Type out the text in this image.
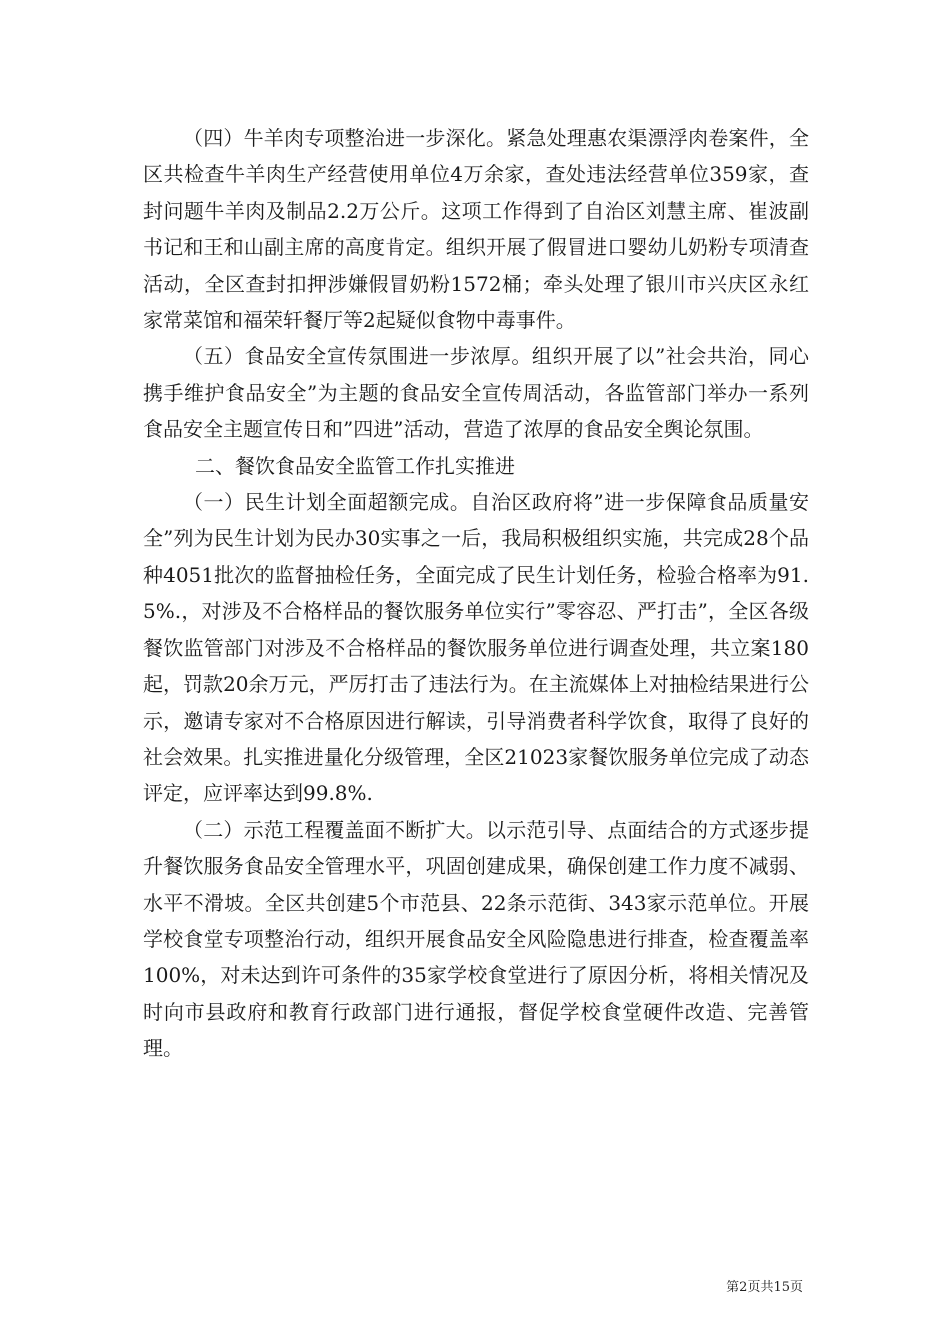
（四）牛羊肉专项整治进一步深化。紧急处理惠农渠漂浮肉卷案件，全区共检查牛羊肉生产经营使用单位4万余家，查处违法经营单位359家，查封问题牛羊肉及制品2.2万公斤。这项工作得到了自治区刘慧主席、崔波副书记和王和山副主席的高度肯定。组织开展了假冒进口婴幼儿奶粉专项清查活动，全区查封扣押涉嫌假冒奶粉1572桶；牵头处理了银川市兴庆区永红家常菜馆和福荣轩餐厅等2起疑似食物中毒事件。

（五）食品安全宣传氛围进一步浓厚。组织开展了以”社会共治，同心携手维护食品安全”为主题的食品安全宣传周活动，各监管部门举办一系列食品安全主题宣传日和”四进”活动，营造了浓厚的食品安全舆论氛围。

二、餐饮食品安全监管工作扎实推进

（一）民生计划全面超额完成。自治区政府将”进一步保障食品质量安全”列为民生计划为民办30实事之一后，我局积极组织实施，共完成28个品种4051批次的监督抽检任务，全面完成了民生计划任务，检验合格率为91.5%.，对涉及不合格样品的餐饮服务单位实行”零容忍、严打击”，全区各级餐饮监管部门对涉及不合格样品的餐饮服务单位进行调查处理，共立案180起，罚款20余万元，严厉打击了违法行为。在主流媒体上对抽检结果进行公示，邀请专家对不合格原因进行解读，引导消费者科学饮食，取得了良好的社会效果。扎实推进量化分级管理，全区21023家餐饮服务单位完成了动态评定，应评率达到99.8%.

（二）示范工程覆盖面不断扩大。以示范引导、点面结合的方式逐步提升餐饮服务食品安全管理水平，巩固创建成果，确保创建工作力度不减弱、水平不滑坡。全区共创建5个市范县、22条示范街、343家示范单位。开展学校食堂专项整治行动，组织开展食品安全风险隐患进行排查，检查覆盖率100%，对未达到许可条件的35家学校食堂进行了原因分析，将相关情况及时向市县政府和教育行政部门进行通报，督促学校食堂硬件改造、完善管理。

第2页共15页
